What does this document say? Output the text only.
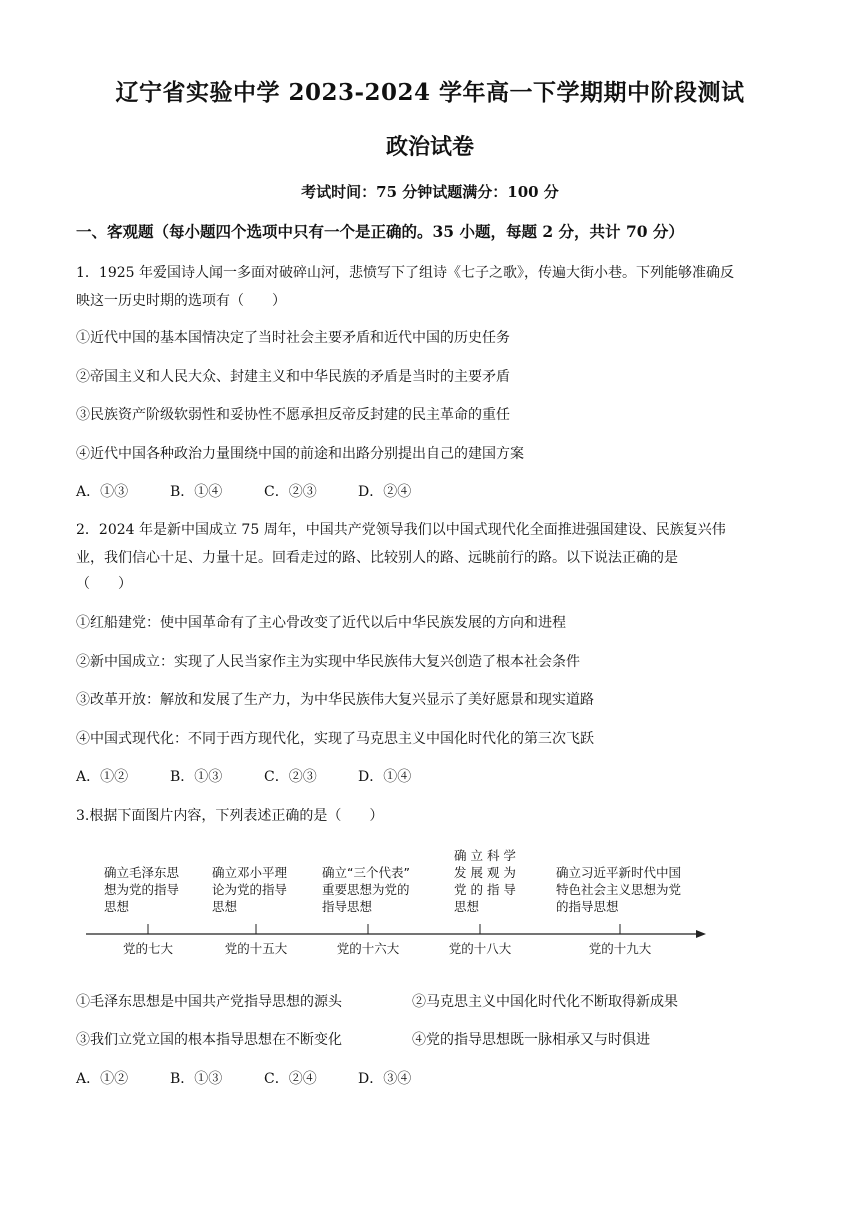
辽宁省实验中学 2023-2024 学年高一下学期期中阶段测试
政治试卷
考试时间：75 分钟试题满分：100 分
一、客观题（每小题四个选项中只有一个是正确的。35 小题，每题 2 分，共计 70 分）
1．1925 年爱国诗人闻一多面对破碎山河，悲愤写下了组诗《七子之歌》，传遍大街小巷。下列能够准确反
映这一历史时期的选项有（　　）
①近代中国的基本国情决定了当时社会主要矛盾和近代中国的历史任务
②帝国主义和人民大众、封建主义和中华民族的矛盾是当时的主要矛盾
③民族资产阶级软弱性和妥协性不愿承担反帝反封建的民主革命的重任
④近代中国各种政治力量围绕中国的前途和出路分别提出自己的建国方案
A．①③	B．①④	C．②③	D．②④
2．2024 年是新中国成立 75 周年，中国共产党领导我们以中国式现代化全面推进强国建设、民族复兴伟
业，我们信心十足、力量十足。回看走过的路、比较别人的路、远眺前行的路。以下说法正确的是
（　　）
①红船建党：使中国革命有了主心骨改变了近代以后中华民族发展的方向和进程
②新中国成立：实现了人民当家作主为实现中华民族伟大复兴创造了根本社会条件
③改革开放：解放和发展了生产力，为中华民族伟大复兴显示了美好愿景和现实道路
④中国式现代化：不同于西方现代化，实现了马克思主义中国化时代化的第三次飞跃
A．①②	B．①③	C．②③	D．①④
3.根据下面图片内容，下列表述正确的是（　　）
确立毛泽东思
想为党的指导
思想
党的七大
确立邓小平理
论为党的指导
思想
党的十五大
确立“三个代表”
重要思想为党的
指导思想
党的十六大
确 立 科 学
发 展 观 为
党 的 指 导
思想
党的十八大
确立习近平新时代中国
特色社会主义思想为党
的指导思想
党的十九大
①毛泽东思想是中国共产党指导思想的源头	②马克思主义中国化时代化不断取得新成果
③我们立党立国的根本指导思想在不断变化	④党的指导思想既一脉相承又与时俱进
A．①②	B．①③	C．②④	D．③④
